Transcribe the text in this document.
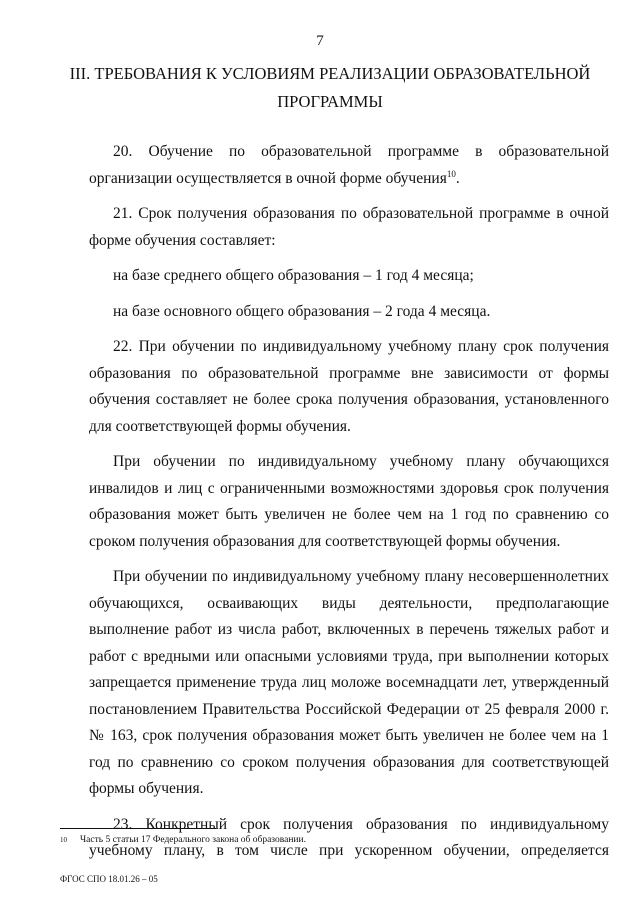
7
III. ТРЕБОВАНИЯ К УСЛОВИЯМ РЕАЛИЗАЦИИ ОБРАЗОВАТЕЛЬНОЙ ПРОГРАММЫ

20. Обучение по образовательной программе в образовательной организации осуществляется в очной форме обучения$^{10}$.

21. Срок получения образования по образовательной программе в очной форме обучения составляет:

на базе среднего общего образования – 1 год 4 месяца;

на базе основного общего образования – 2 года 4 месяца.

22. При обучении по индивидуальному учебному плану срок получения образования по образовательной программе вне зависимости от формы обучения составляет не более срока получения образования, установленного для соответствующей формы обучения.

При обучении по индивидуальному учебному плану обучающихся инвалидов и лиц с ограниченными возможностями здоровья срок получения образования может быть увеличен не более чем на 1 год по сравнению со сроком получения образования для соответствующей формы обучения.

При обучении по индивидуальному учебному плану несовершеннолетних обучающихся, осваивающих виды деятельности, предполагающие выполнение работ из числа работ, включенных в перечень тяжелых работ и работ с вредными или опасными условиями труда, при выполнении которых запрещается применение труда лиц моложе восемнадцати лет, утвержденный постановлением Правительства Российской Федерации от 25 февраля 2000 г. № 163, срок получения образования может быть увеличен не более чем на 1 год по сравнению со сроком получения образования для соответствующей формы обучения.

23. Конкретный срок получения образования по индивидуальному учебному плану, в том числе при ускоренном обучении, определяется

10 Часть 5 статьи 17 Федерального закона об образовании.
ФГОС СПО 18.01.26 – 05
